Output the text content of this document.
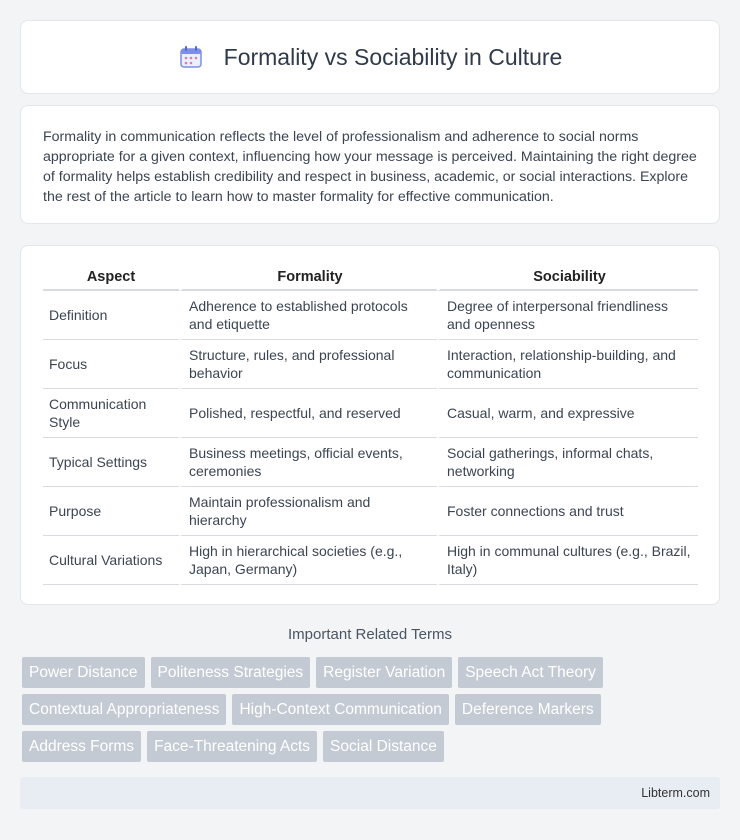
Formality vs Sociability in Culture

Formality in communication reflects the level of professionalism and adherence to social norms appropriate for a given context, influencing how your message is perceived. Maintaining the right degree of formality helps establish credibility and respect in business, academic, or social interactions. Explore the rest of the article to learn how to master formality for effective communication.

Aspect	Formality	Sociability
Definition	Adherence to established protocols and etiquette	Degree of interpersonal friendliness and openness
Focus	Structure, rules, and professional behavior	Interaction, relationship-building, and communication
Communication Style	Polished, respectful, and reserved	Casual, warm, and expressive
Typical Settings	Business meetings, official events, ceremonies	Social gatherings, informal chats, networking
Purpose	Maintain professionalism and hierarchy	Foster connections and trust
Cultural Variations	High in hierarchical societies (e.g., Japan, Germany)	High in communal cultures (e.g., Brazil, Italy)
Important Related Terms
Power Distance	Politeness Strategies	Register Variation	Speech Act Theory
Contextual Appropriateness	High-Context Communication	Deference Markers
Address Forms	Face-Threatening Acts	Social Distance
Libterm.com
